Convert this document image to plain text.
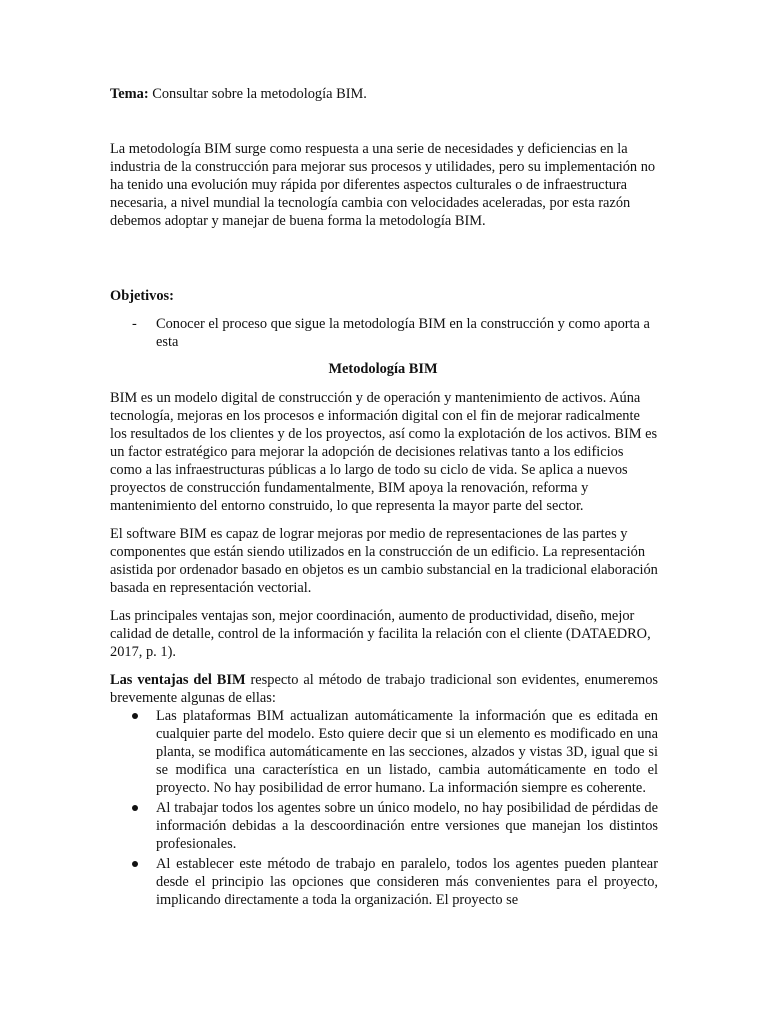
Tema: Consultar sobre la metodología BIM.

La metodología BIM surge como respuesta a una serie de necesidades y deficiencias en la industria de la construcción para mejorar sus procesos y utilidades, pero su implementación no ha tenido una evolución muy rápida por diferentes aspectos culturales o de infraestructura necesaria, a nivel mundial la tecnología cambia con velocidades aceleradas, por esta razón debemos adoptar y manejar de buena forma la metodología BIM.

Objetivos:

- Conocer el proceso que sigue la metodología BIM en la construcción y como aporta a esta

Metodología BIM

BIM es un modelo digital de construcción y de operación y mantenimiento de activos. Aúna tecnología, mejoras en los procesos e información digital con el fin de mejorar radicalmente los resultados de los clientes y de los proyectos, así como la explotación de los activos. BIM es un factor estratégico para mejorar la adopción de decisiones relativas tanto a los edificios como a las infraestructuras públicas a lo largo de todo su ciclo de vida. Se aplica a nuevos proyectos de construcción fundamentalmente, BIM apoya la renovación, reforma y mantenimiento del entorno construido, lo que representa la mayor parte del sector.

El software BIM es capaz de lograr mejoras por medio de representaciones de las partes y componentes que están siendo utilizados en la construcción de un edificio. La representación asistida por ordenador basado en objetos es un cambio substancial en la tradicional elaboración basada en representación vectorial.

Las principales ventajas son, mejor coordinación, aumento de productividad, diseño, mejor calidad de detalle, control de la información y facilita la relación con el cliente (DATAEDRO, 2017, p. 1).

Las ventajas del BIM respecto al método de trabajo tradicional son evidentes, enumeremos brevemente algunas de ellas:

Las plataformas BIM actualizan automáticamente la información que es editada en cualquier parte del modelo. Esto quiere decir que si un elemento es modificado en una planta, se modifica automáticamente en las secciones, alzados y vistas 3D, igual que si se modifica una característica en un listado, cambia automáticamente en todo el proyecto. No hay posibilidad de error humano. La información siempre es coherente.
Al trabajar todos los agentes sobre un único modelo, no hay posibilidad de pérdidas de información debidas a la descoordinación entre versiones que manejan los distintos profesionales.
Al establecer este método de trabajo en paralelo, todos los agentes pueden plantear desde el principio las opciones que consideren más convenientes para el proyecto, implicando directamente a toda la organización. El proyecto se
